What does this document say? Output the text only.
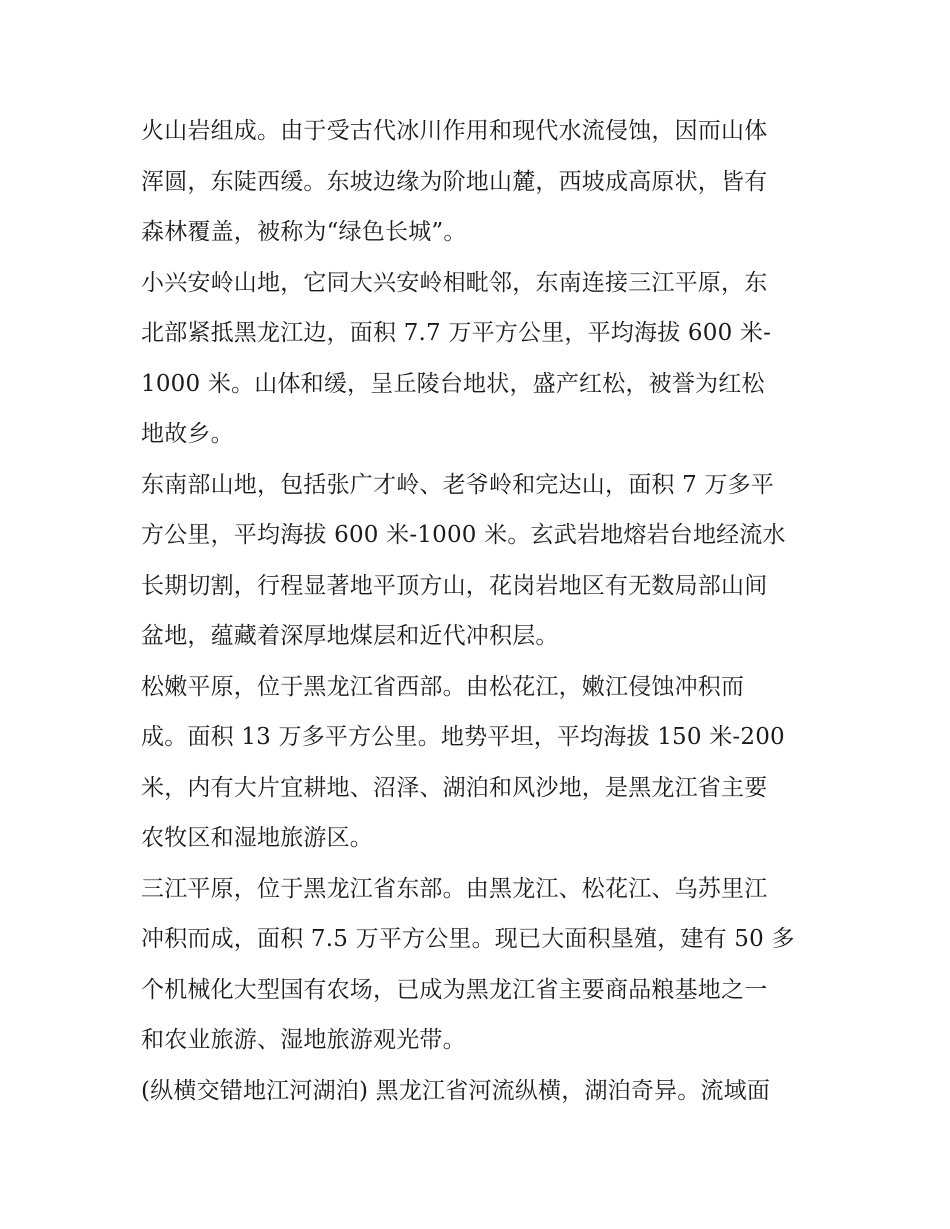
火山岩组成。由于受古代冰川作用和现代水流侵蚀，因而山体
浑圆，东陡西缓。东坡边缘为阶地山麓，西坡成高原状，皆有
森林覆盖，被称为“绿色长城”。
小兴安岭山地，它同大兴安岭相毗邻，东南连接三江平原，东
北部紧抵黑龙江边，面积 7.7 万平方公里，平均海拔 600 米-
1000 米。山体和缓，呈丘陵台地状，盛产红松，被誉为红松
地故乡。
东南部山地，包括张广才岭、老爷岭和完达山，面积 7 万多平
方公里，平均海拔 600 米-1000 米。玄武岩地熔岩台地经流水
长期切割，行程显著地平顶方山，花岗岩地区有无数局部山间
盆地，蕴藏着深厚地煤层和近代冲积层。
松嫩平原，位于黑龙江省西部。由松花江，嫩江侵蚀冲积而
成。面积 13 万多平方公里。地势平坦，平均海拔 150 米-200
米，内有大片宜耕地、沼泽、湖泊和风沙地，是黑龙江省主要
农牧区和湿地旅游区。
三江平原，位于黑龙江省东部。由黑龙江、松花江、乌苏里江
冲积而成，面积 7.5 万平方公里。现已大面积垦殖，建有 50 多
个机械化大型国有农场，已成为黑龙江省主要商品粮基地之一
和农业旅游、湿地旅游观光带。
(纵横交错地江河湖泊) 黑龙江省河流纵横，湖泊奇异。流域面
